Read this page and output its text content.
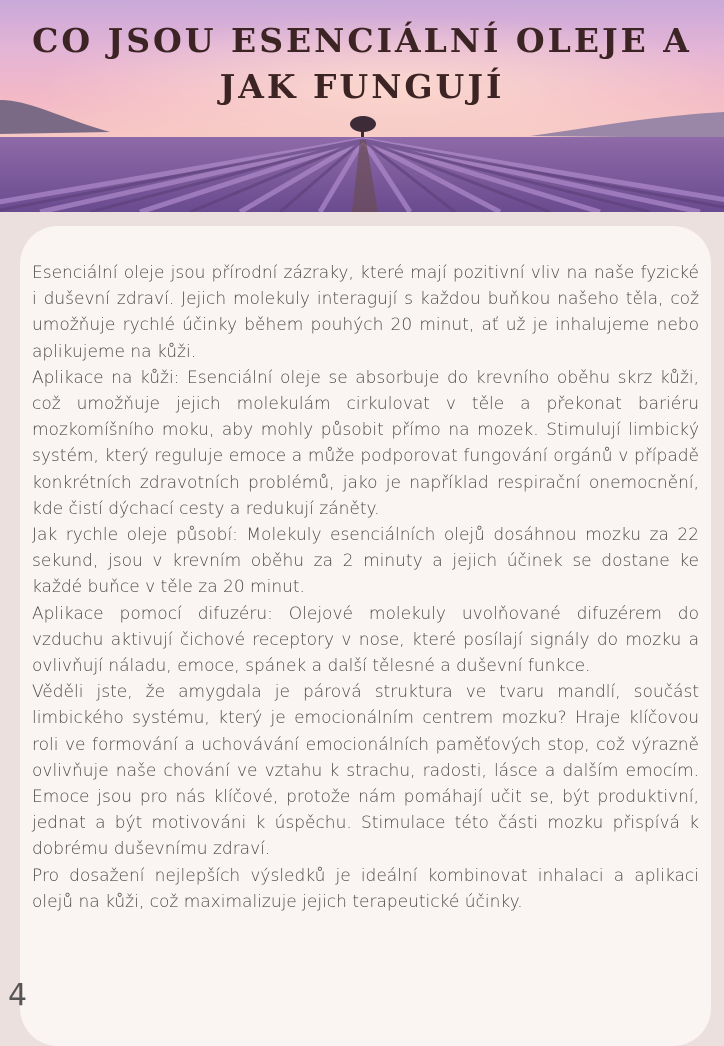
CO JSOU ESENCIÁLNÍ OLEJE A
JAK FUNGUJÍ

Esenciální oleje jsou přírodní zázraky, které mají pozitivní vliv na naše fyzické i duševní zdraví. Jejich molekuly interagují s každou buňkou našeho těla, což umožňuje rychlé účinky během pouhých 20 minut, ať už je inhalujeme nebo aplikujeme na kůži.

Aplikace na kůži: Esenciální oleje se absorbuje do krevního oběhu skrz kůži, což umožňuje jejich molekulám cirkulovat v těle a překonat bariéru mozkomíšního moku, aby mohly působit přímo na mozek. Stimulují limbický systém, který reguluje emoce a může podporovat fungování orgánů v případě konkrétních zdravotních problémů, jako je například respirační onemocnění, kde čistí dýchací cesty a redukují záněty.

Jak rychle oleje působí: Molekuly esenciálních olejů dosáhnou mozku za 22 sekund, jsou v krevním oběhu za 2 minuty a jejich účinek se dostane ke každé buňce v těle za 20 minut.

Aplikace pomocí difuzéru: Olejové molekuly uvolňované difuzérem do vzduchu aktivují čichové receptory v nose, které posílají signály do mozku a ovlivňují náladu, emoce, spánek a další tělesné a duševní funkce.

Věděli jste, že amygdala je párová struktura ve tvaru mandlí, součást limbického systému, který je emocionálním centrem mozku? Hraje klíčovou roli ve formování a uchovávání emocionálních paměťových stop, což výrazně ovlivňuje naše chování ve vztahu k strachu, radosti, lásce a dalším emocím. Emoce jsou pro nás klíčové, protože nám pomáhají učit se, být produktivní, jednat a být motivováni k úspěchu. Stimulace této části mozku přispívá k dobrému duševnímu zdraví.

Pro dosažení nejlepších výsledků je ideální kombinovat inhalaci a aplikaci olejů na kůži, což maximalizuje jejich terapeutické účinky.

4
